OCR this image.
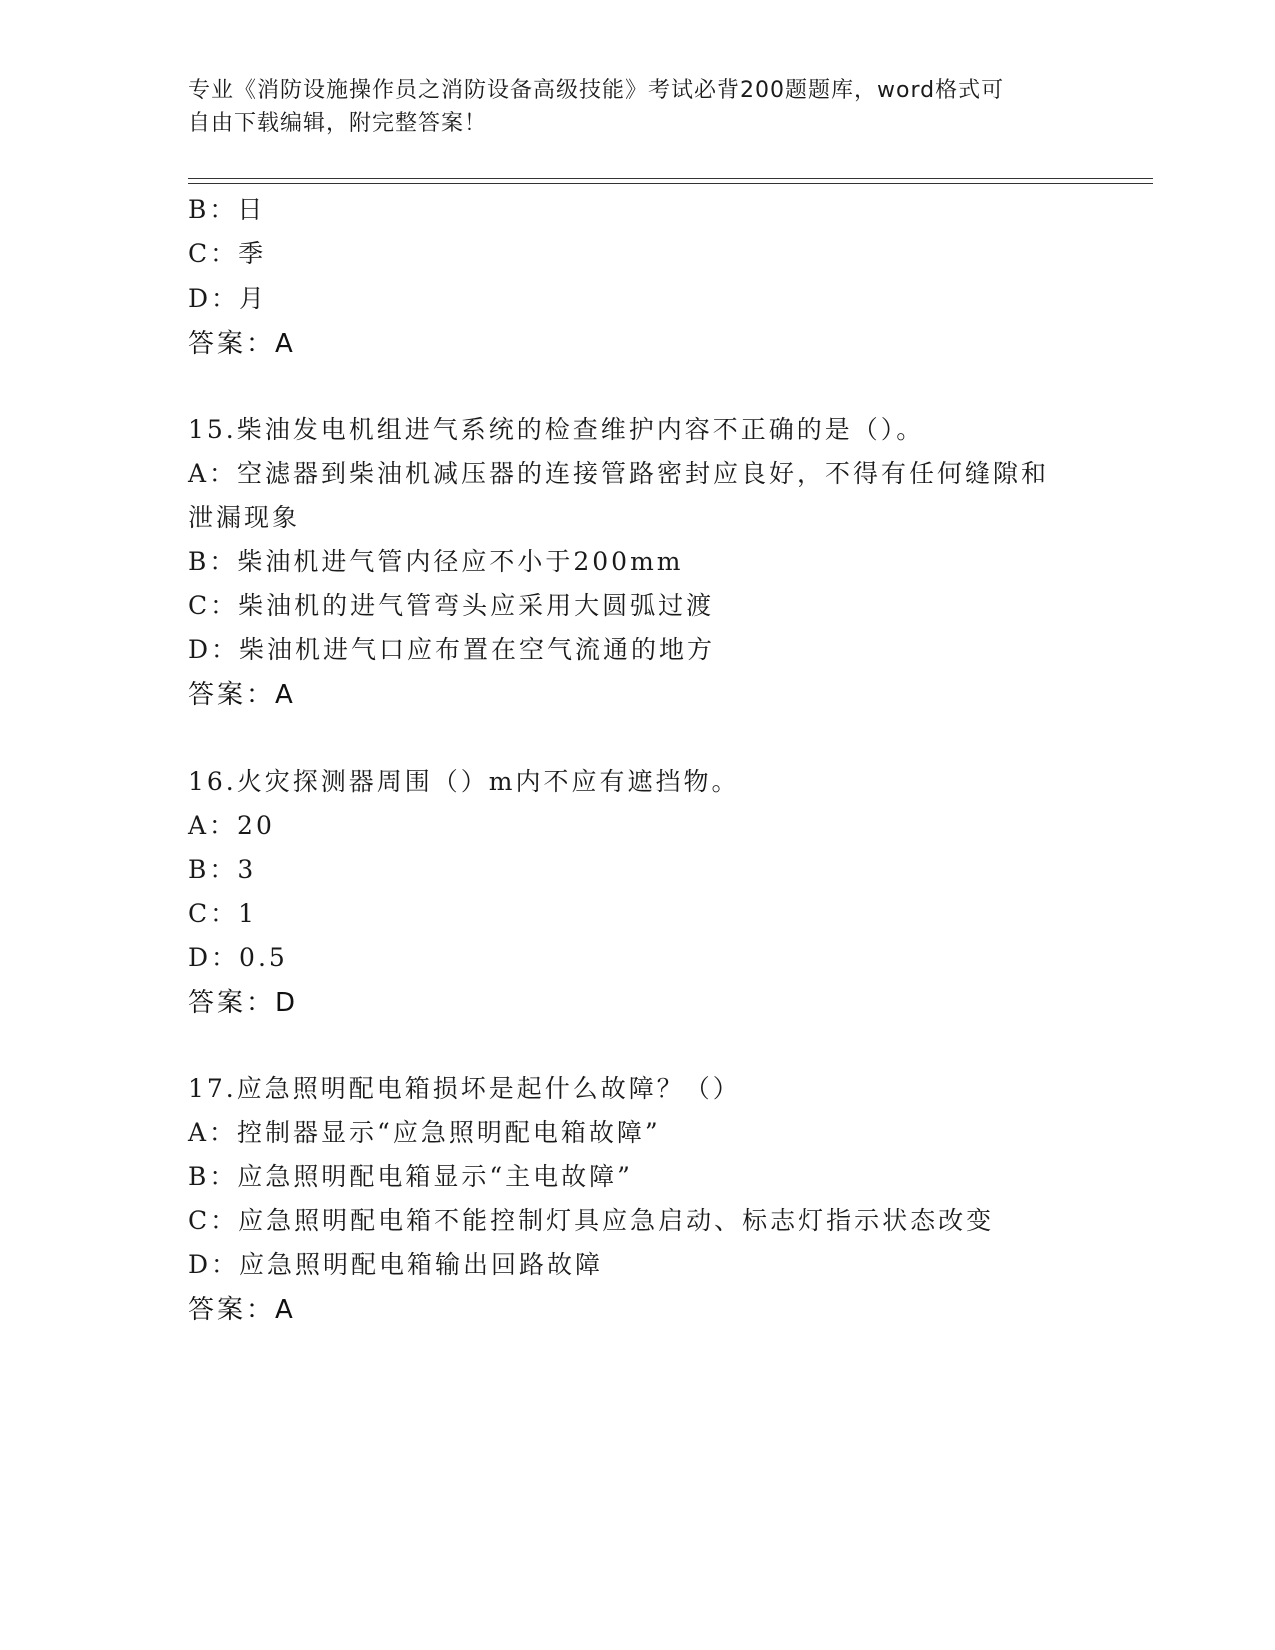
专业《消防设施操作员之消防设备高级技能》考试必背200题题库，word格式可
自由下载编辑，附完整答案！
B：日
C：季
D：月
答案：A
15.柴油发电机组进气系统的检查维护内容不正确的是（）。
A：空滤器到柴油机减压器的连接管路密封应良好，不得有任何缝隙和
泄漏现象
B：柴油机进气管内径应不小于200mm
C：柴油机的进气管弯头应采用大圆弧过渡
D：柴油机进气口应布置在空气流通的地方
答案：A
16.火灾探测器周围（）m内不应有遮挡物。
A：20
B：3
C：1
D：0.5
答案：D
17.应急照明配电箱损坏是起什么故障？（）
A：控制器显示“应急照明配电箱故障”
B：应急照明配电箱显示“主电故障”
C：应急照明配电箱不能控制灯具应急启动、标志灯指示状态改变
D：应急照明配电箱输出回路故障
答案：A
